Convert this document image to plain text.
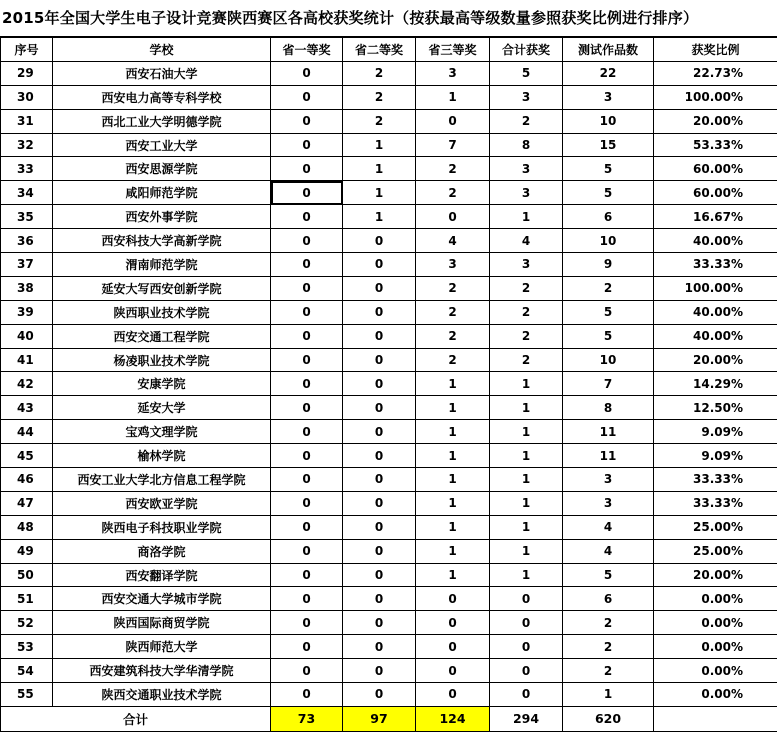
2015年全国大学生电子设计竞赛陕西赛区各高校获奖统计（按获最高等级数量参照获奖比例进行排序）
序号	学校	省一等奖	省二等奖	省三等奖	合计获奖	测试作品数	获奖比例
29	西安石油大学	0	2	3	5	22	22.73%
30	西安电力高等专科学校	0	2	1	3	3	100.00%
31	西北工业大学明德学院	0	2	0	2	10	20.00%
32	西安工业大学	0	1	7	8	15	53.33%
33	西安思源学院	0	1	2	3	5	60.00%
34	咸阳师范学院	0	1	2	3	5	60.00%
35	西安外事学院	0	1	0	1	6	16.67%
36	西安科技大学高新学院	0	0	4	4	10	40.00%
37	渭南师范学院	0	0	3	3	9	33.33%
38	延安大写西安创新学院	0	0	2	2	2	100.00%
39	陕西职业技术学院	0	0	2	2	5	40.00%
40	西安交通工程学院	0	0	2	2	5	40.00%
41	杨凌职业技术学院	0	0	2	2	10	20.00%
42	安康学院	0	0	1	1	7	14.29%
43	延安大学	0	0	1	1	8	12.50%
44	宝鸡文理学院	0	0	1	1	11	9.09%
45	榆林学院	0	0	1	1	11	9.09%
46	西安工业大学北方信息工程学院	0	0	1	1	3	33.33%
47	西安欧亚学院	0	0	1	1	3	33.33%
48	陕西电子科技职业学院	0	0	1	1	4	25.00%
49	商洛学院	0	0	1	1	4	25.00%
50	西安翻译学院	0	0	1	1	5	20.00%
51	西安交通大学城市学院	0	0	0	0	6	0.00%
52	陕西国际商贸学院	0	0	0	0	2	0.00%
53	陕西师范大学	0	0	0	0	2	0.00%
54	西安建筑科技大学华清学院	0	0	0	0	2	0.00%
55	陕西交通职业技术学院	0	0	0	0	1	0.00%
合计		73	97	124	294	620	
